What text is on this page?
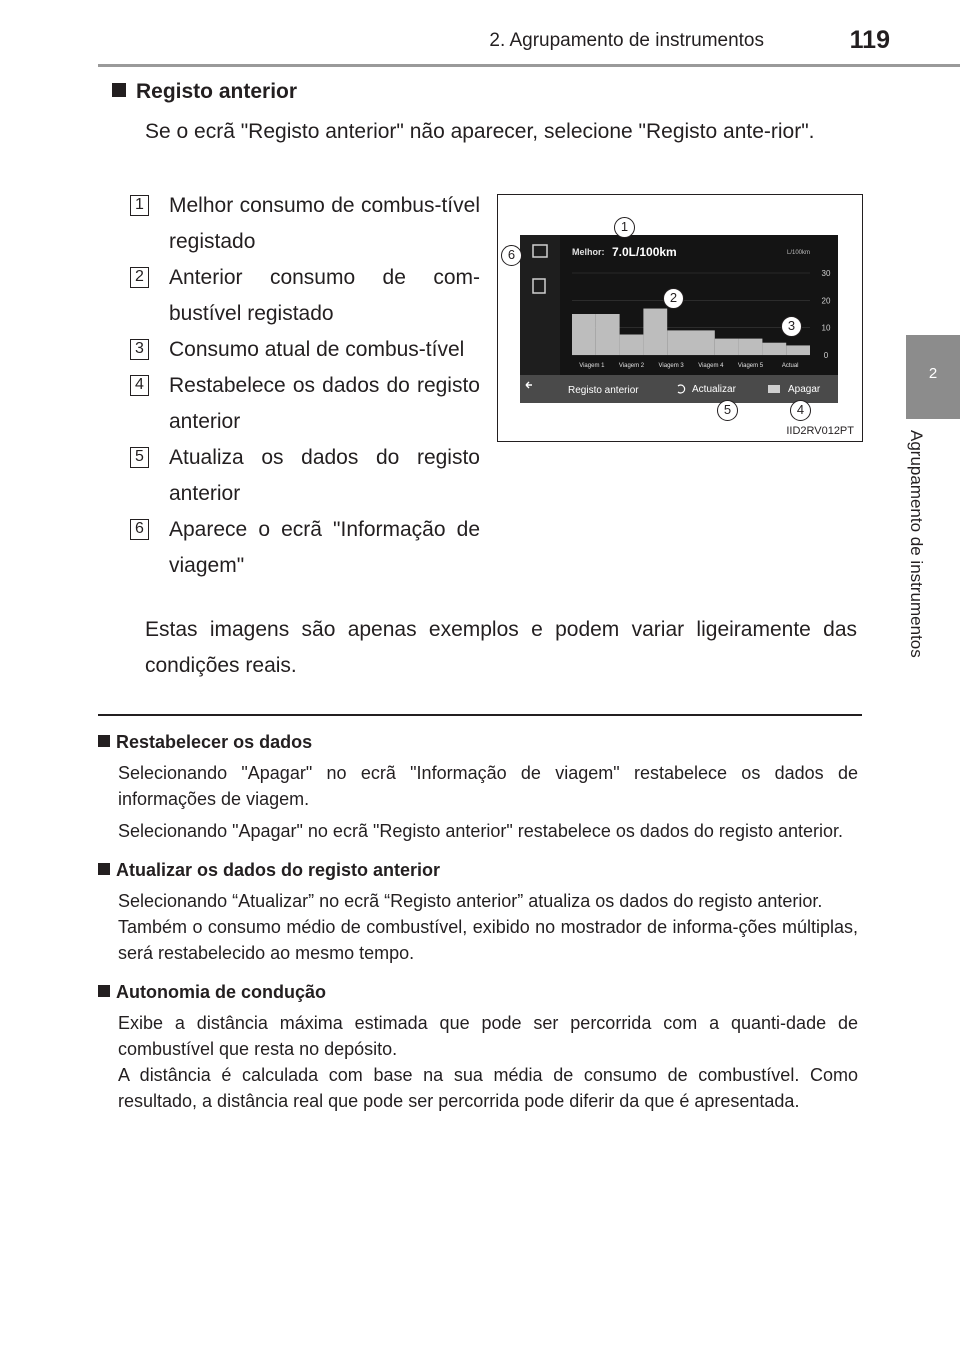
2. Agrupamento de instrumentos	119
2
Agrupamento de instrumentos
Registo anterior
Se o ecrã "Registo anterior" não aparecer, selecione "Registo ante-rior".
1 Melhor consumo de combus-tível registado
2 Anterior consumo de com-bustível registado
3 Consumo atual de combus-tível
4 Restabelece os dados do registo anterior
5 Atualiza os dados do registo anterior
6 Aparece o ecrã "Informação de viagem"
Estas imagens são apenas exemplos e podem variar ligeiramente das condições reais.
Melhor: 7.0L/100km	L/100km
30
20
10
0
Viagem 1 Viagem 2 Viagem 3 Viagem 4 Viagem 5	Actual
Registo anterior	Actualizar	Apagar
IID2RV012PT
1
2
3
4
5
6
Restabelecer os dados
Selecionando "Apagar" no ecrã "Informação de viagem" restabelece os dados de informações de viagem.
Selecionando "Apagar" no ecrã "Registo anterior" restabelece os dados do registo anterior.
Atualizar os dados do registo anterior
Selecionando “Atualizar” no ecrã “Registo anterior” atualiza os dados do registo anterior.
Também o consumo médio de combustível, exibido no mostrador de informa-ções múltiplas, será restabelecido ao mesmo tempo.
Autonomia de condução
Exibe a distância máxima estimada que pode ser percorrida com a quanti-dade de combustível que resta no depósito.
A distância é calculada com base na sua média de consumo de combustível. Como resultado, a distância real que pode ser percorrida pode diferir da que é apresentada.
